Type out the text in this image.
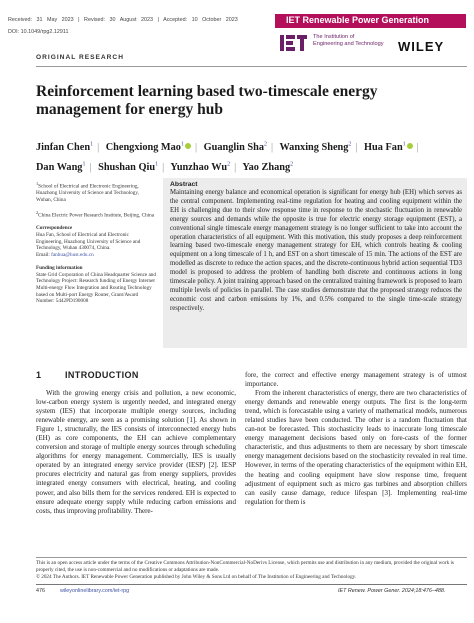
Received: 31 May 2023 | Revised: 30 August 2023 | Accepted: 10 October 2023
DOI: 10.1049/rpg2.12911
IET Renewable Power Generation
The Institution of
Engineering and Technology WILEY
ORIGINAL RESEARCH
Reinforcement learning based two-timescale energy management for energy hub
Jinfan Chen$^1$ | Chengxiong Mao$^1$ | Guanglin Sha$^2$ | Wanxing Sheng$^2$ | Hua Fan$^1$ | Dan Wang$^1$ | Shushan Qiu$^1$ | Yunzhao Wu$^2$ | Yao Zhang$^2$

$^1$School of Electrical and Electronic Engineering, Huazhong University of Science and Technology, Wuhan, China

$^2$China Electric Power Research Institute, Beijing, China

Correspondence

Hua Fan, School of Electrical and Electronic Engineering, Huazhong University of Science and Technology, Wuhan 430074, China.

Email: fanhua@hust.edu.cn

Funding information

State Grid Corporation of China Headquarter Science and Technology Project: Research funding of Energy Internet Multi-energy Flow Integration and Routing Technology based on Multi-port Energy Router, Grant/Award Number: 5442PD190008

Abstract
Maintaining energy balance and economical operation is significant for energy hub (EH) which serves as the central component. Implementing real-time regulation for heating and cooling equipment within the EH is challenging due to their slow response time in response to the stochastic fluctuation in renewable energy sources and demands while the opposite is true for electric energy storage equipment (EST), a conventional single timescale energy management strategy is no longer sufficient to take into account the operation characteristics of all equipment. With this motivation, this study proposes a deep reinforcement learning based two-timescale energy management strategy for EH, which controls heating & cooling equipment on a long timescale of 1 h, and EST on a short timescale of 15 min. The actions of the EST are modelled as discrete to reduce the action spaces, and the discrete-continuous hybrid action sequential TD3 model is proposed to address the problem of handling both discrete and continuous actions in long timescale policy. A joint training approach based on the centralized training framework is proposed to learn multiple levels of policies in parallel. The case studies demonstrate that the proposed strategy reduces the economic cost and carbon emissions by 1%, and 0.5% compared to the single time-scale strategy respectively.
1	INTRODUCTION

With the growing energy crisis and pollution, a new economic, low-carbon energy system is urgently needed, and integrated energy system (IES) that incorporate multiple energy sources, including renewable energy, are seen as a promising solution [1]. As shown in Figure 1, structurally, the IES consists of interconnected energy hubs (EH) as core components, the EH can achieve complementary conversion and storage of multiple energy sources through scheduling algorithms for energy management. Commercially, IES is usually operated by an integrated energy service provider (IESP) [2]. IESP procures electricity and natural gas from energy suppliers, provides integrated energy consumers with electrical, heating, and cooling power, and also bills them for the services rendered. EH is expected to ensure adequate energy supply while reducing carbon emissions and costs, thus improving profitability. There-

fore, the correct and effective energy management strategy is of utmost importance.

From the inherent characteristics of energy, there are two characteristics of energy demands and renewable energy outputs. The first is the long-term trend, which is forecastable using a variety of mathematical models, numerous related studies have been conducted. The other is a random fluctuation that can-not be forecasted. This stochasticity leads to inaccurate long timescale energy management decisions based only on fore-casts of the former characteristic, and thus adjustments to them are necessary by short timescale energy management decisions based on the stochasticity revealed in real time. However, in terms of the operating characteristics of the equipment within EH, the heating and cooling equipment have slow response time, frequent adjustment of equipment such as micro gas turbines and absorption chillers can easily cause damage, reduce lifespan [3]. Implementing real-time regulation for them is

This is an open access article under the terms of the Creative Commons Attribution-NonCommercial-NoDerivs License, which permits use and distribution in any medium, provided the original work is properly cited, the use is non-commercial and no modifications or adaptations are made.
© 2024 The Authors. IET Renewable Power Generation published by John Wiley & Sons Ltd on behalf of The Institution of Engineering and Technology.
476	wileyonlinelibrary.com/iet-rpg	IET Renew. Power Gener. 2024;18:476–488.
